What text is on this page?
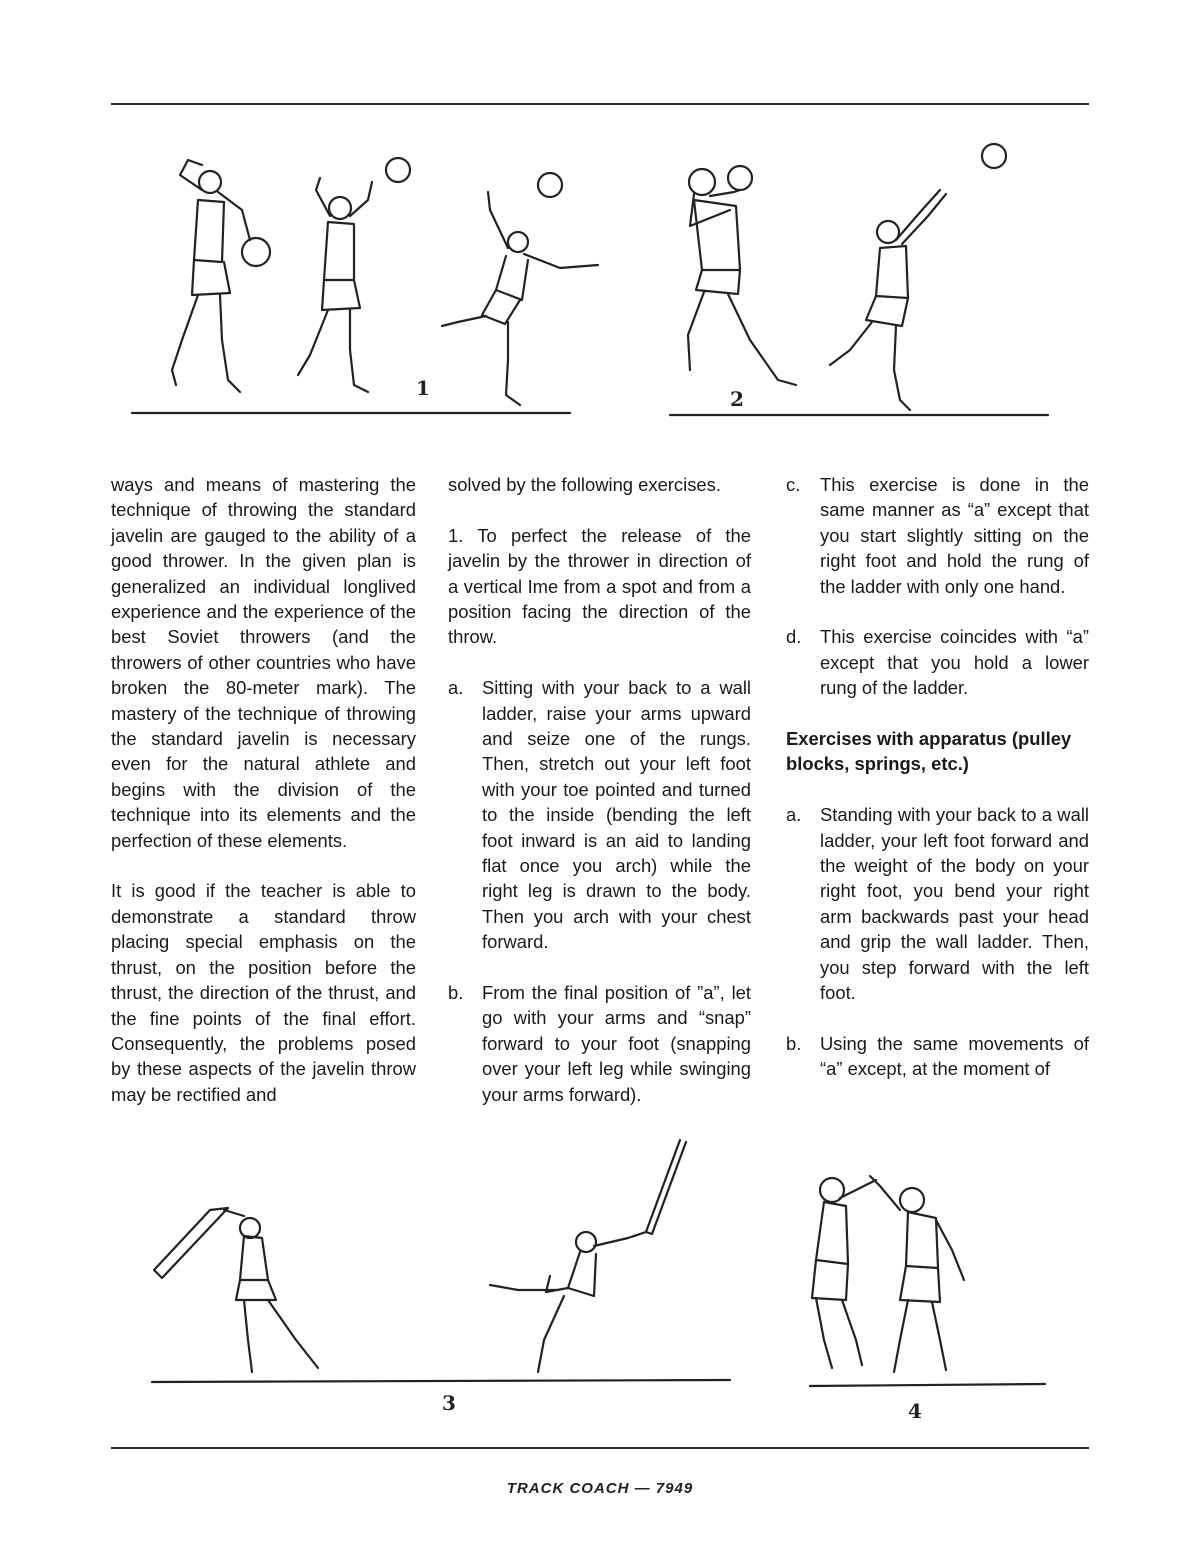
1	2

ways and means of mastering the technique of throwing the standard javelin are gauged to the ability of a good thrower. In the given plan is generalized an individual longlived experience and the experience of the best Soviet throwers (and the throwers of other countries who have broken the 80-meter mark). The mastery of the technique of throwing the standard javelin is necessary even for the natural athlete and begins with the division of the technique into its elements and the perfection of these elements.

It is good if the teacher is able to demonstrate a standard throw placing special emphasis on the thrust, on the position before the thrust, the direction of the thrust, and the fine points of the final effort. Consequently, the problems posed by these aspects of the javelin throw may be rectified and

solved by the following exercises.

1. To perfect the release of the javelin by the thrower in direction of a vertical Ime from a spot and from a position facing the direction of the throw.

a.	Sitting with your back to a wall ladder, raise your arms upward and seize one of the rungs. Then, stretch out your left foot with your toe pointed and turned to the inside (bending the left foot inward is an aid to landing flat once you arch) while the right leg is drawn to the body. Then you arch with your chest forward.
b.	From the final position of ”a”, let go with your arms and “snap” forward to your foot (snapping over your left leg while swinging your arms forward).
c.	This exercise is done in the same manner as “a” except that you start slightly sitting on the right foot and hold the rung of the ladder with only one hand.
d.	This exercise coincides with “a” except that you hold a lower rung of the ladder.

Exercises with apparatus (pulley blocks, springs, etc.)

a.	Standing with your back to a wall ladder, your left foot forward and the weight of the body on your right foot, you bend your right arm backwards past your head and grip the wall ladder. Then, you step forward with the left foot.
b.	Using the same movements of “a” except, at the moment of
3	4
TRACK COACH — 7949
